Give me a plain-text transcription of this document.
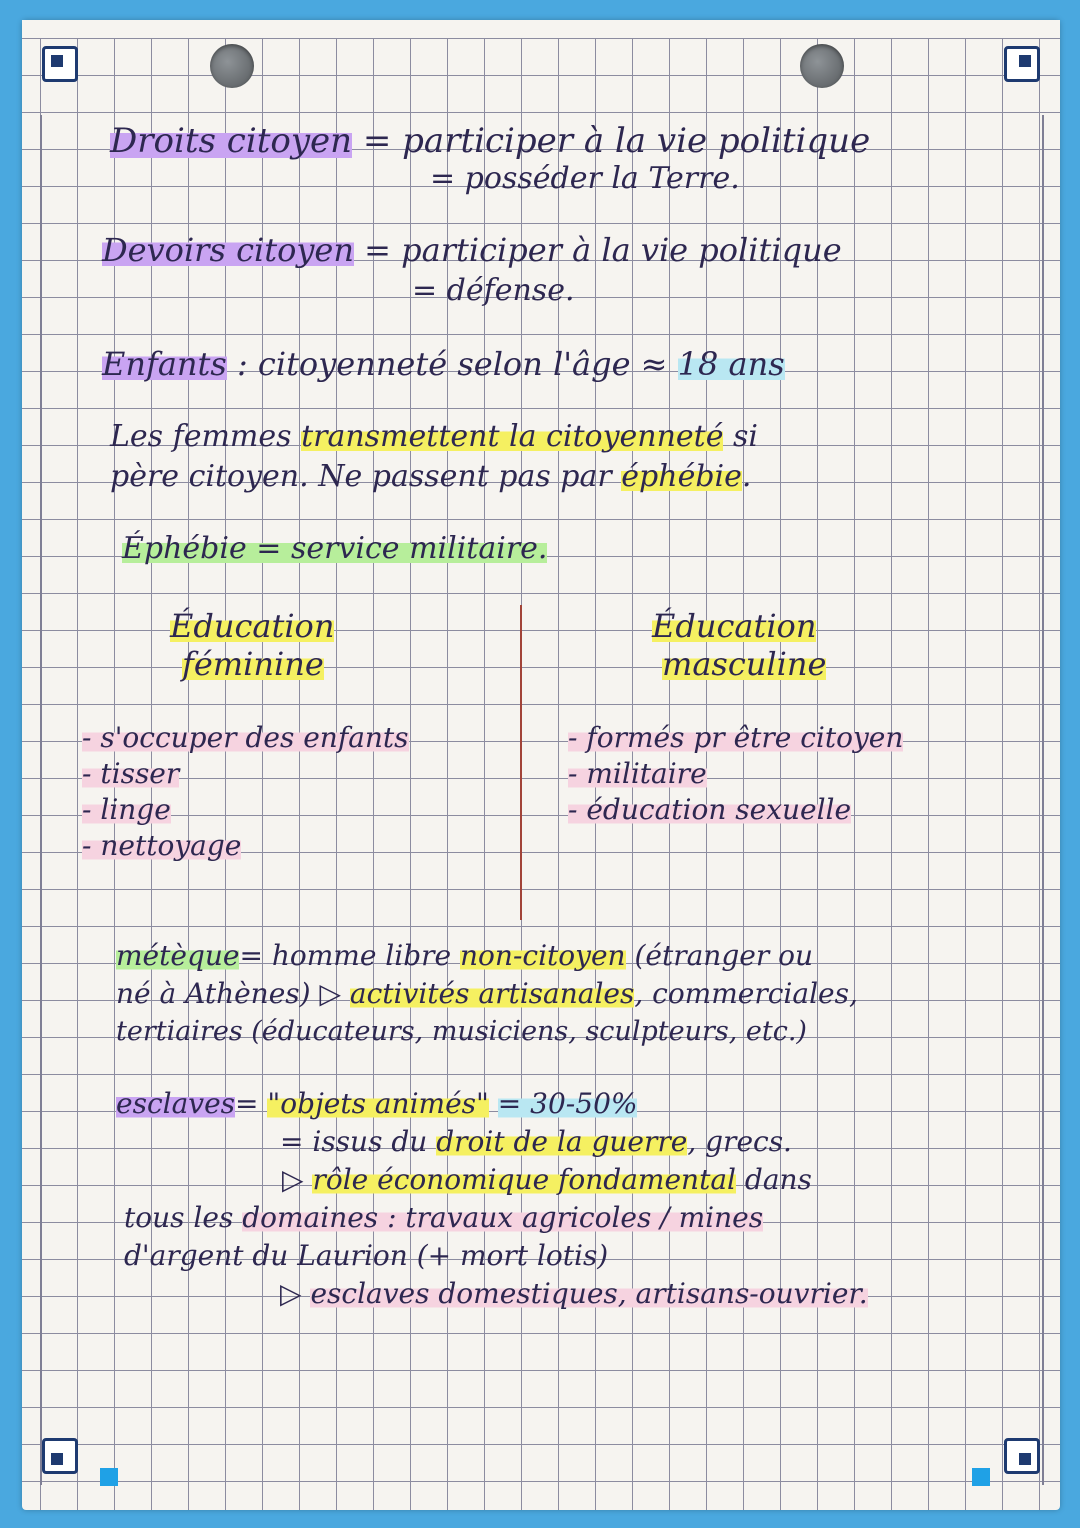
Droits citoyen = participer à la vie politique
= posséder la Terre.
Devoirs citoyen = participer à la vie politique
= défense.
Enfants : citoyenneté selon l'âge ≈ 18 ans
Les femmes transmettent la citoyenneté si
père citoyen. Ne passent pas par éphébie.
Éphébie = service militaire.
Éducation
féminine
Éducation
masculine
- s'occuper des enfants
- tisser
- linge
- nettoyage
- formés pr être citoyen
- militaire
- éducation sexuelle
métèque= homme libre non-citoyen (étranger ou
né à Athènes) ▷ activités artisanales, commerciales,
tertiaires (éducateurs, musiciens, sculpteurs, etc.)
esclaves= "objets animés" = 30-50%
= issus du droit de la guerre, grecs.
▷ rôle économique fondamental dans
tous les domaines : travaux agricoles / mines
d'argent du Laurion (+ mort lotis)
▷ esclaves domestiques, artisans-ouvrier.
